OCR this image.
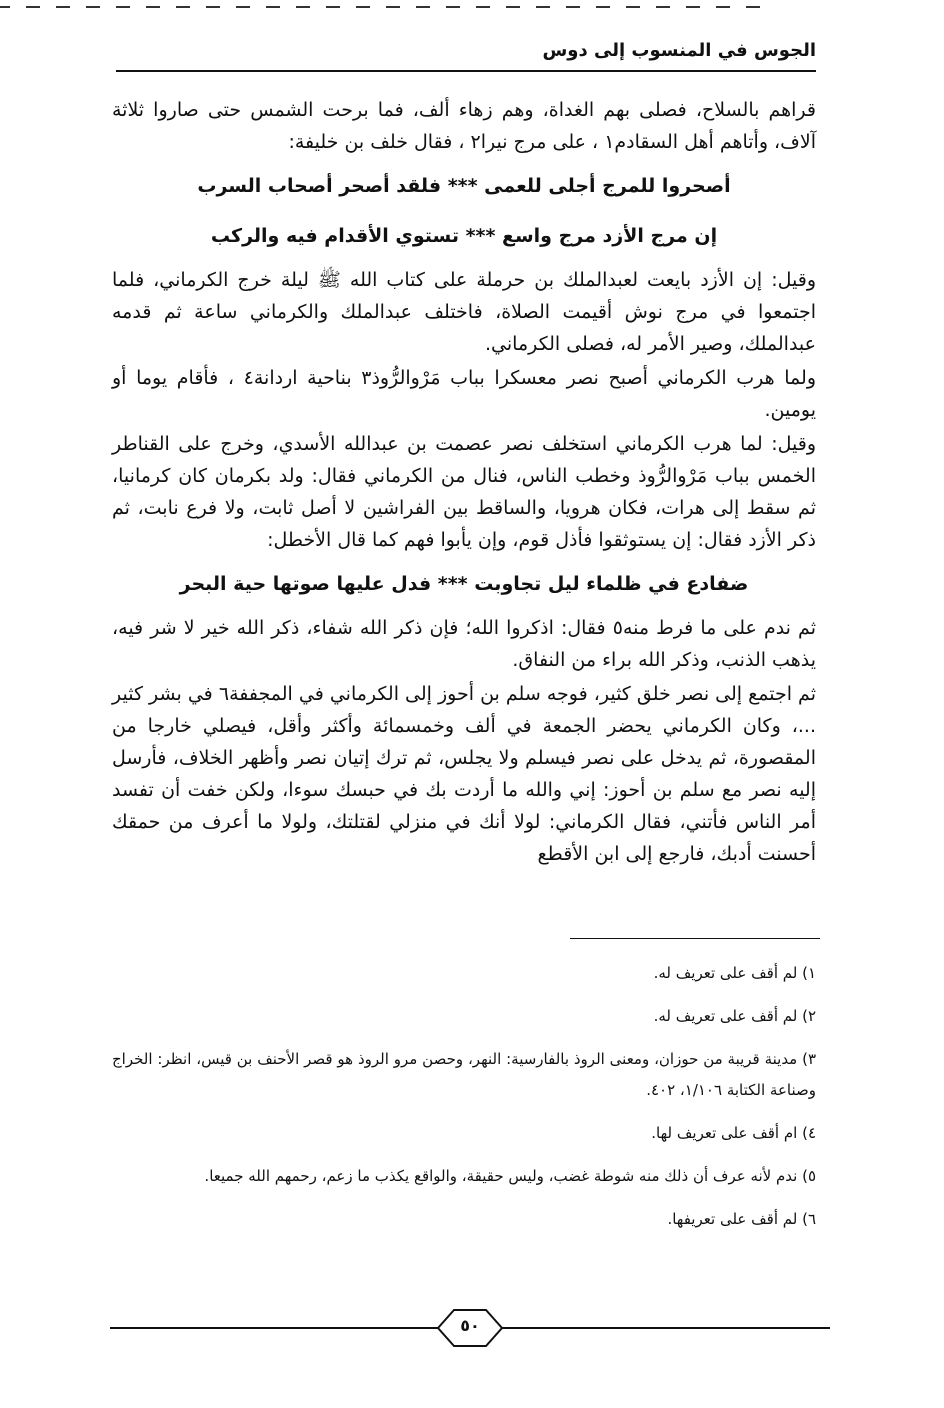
الجوس في المنسوب إلى دوس

قراهم بالسلاح، فصلى بهم الغداة، وهم زهاء ألف، فما برحت الشمس حتى صاروا ثلاثة آلاف، وأتاهم أهل السقادم١ ، على مرج نيرا٢ ، فقال خلف بن خليفة:

أصحروا للمرج أجلى للعمى *** فلقد أصحر أصحاب السرب

إن مرج الأزد مرج واسع *** تستوي الأقدام فيه والركب

وقيل: إن الأزد بايعت لعبدالملك بن حرملة على كتاب الله ﷺ ليلة خرج الكرماني، فلما اجتمعوا في مرج نوش أقيمت الصلاة، فاختلف عبدالملك والكرماني ساعة ثم قدمه عبدالملك، وصير الأمر له، فصلى الكرماني.

ولما هرب الكرماني أصبح نصر معسكرا بباب مَرْوالرُّوذ٣ بناحية اردانة٤ ، فأقام يوما أو يومين.

وقيل: لما هرب الكرماني استخلف نصر عصمت بن عبدالله الأسدي، وخرج على القناطر الخمس بباب مَرْوالرُّوذ وخطب الناس، فنال من الكرماني فقال: ولد بكرمان كان كرمانيا، ثم سقط إلى هرات، فكان هرويا، والساقط بين الفراشين لا أصل ثابت، ولا فرع نابت، ثم ذكر الأزد فقال: إن يستوثقوا فأذل قوم، وإن يأبوا فهم كما قال الأخطل:

ضفادع في ظلماء ليل تجاوبت *** فدل عليها صوتها حية البحر

ثم ندم على ما فرط منه٥ فقال: اذكروا الله؛ فإن ذكر الله شفاء، ذكر الله خير لا شر فيه، يذهب الذنب، وذكر الله براء من النفاق.

ثم اجتمع إلى نصر خلق كثير، فوجه سلم بن أحوز إلى الكرماني في المجففة٦ في بشر كثير ...، وكان الكرماني يحضر الجمعة في ألف وخمسمائة وأكثر وأقل، فيصلي خارجا من المقصورة، ثم يدخل على نصر فيسلم ولا يجلس، ثم ترك إتيان نصر وأظهر الخلاف، فأرسل إليه نصر مع سلم بن أحوز: إني والله ما أردت بك في حبسك سوءا، ولكن خفت أن تفسد أمر الناس فأتني، فقال الكرماني: لولا أنك في منزلي لقتلتك، ولولا ما أعرف من حمقك أحسنت أدبك، فارجع إلى ابن الأقطع

١) لم أقف على تعريف له.

٢) لم أقف على تعريف له.

٣) مدينة قريبة من حوزان، ومعنى الروذ بالفارسية: النهر، وحصن مرو الروذ هو قصر الأحنف بن قيس، انظر: الخراج وصناعة الكتابة ١/١٠٦، ٤٠٢.

٤) ام أقف على تعريف لها.

٥) ندم لأنه عرف أن ذلك منه شوطة غضب، وليس حقيقة، والواقع يكذب ما زعم، رحمهم الله جميعا.

٦) لم أقف على تعريفها.

٥٠
